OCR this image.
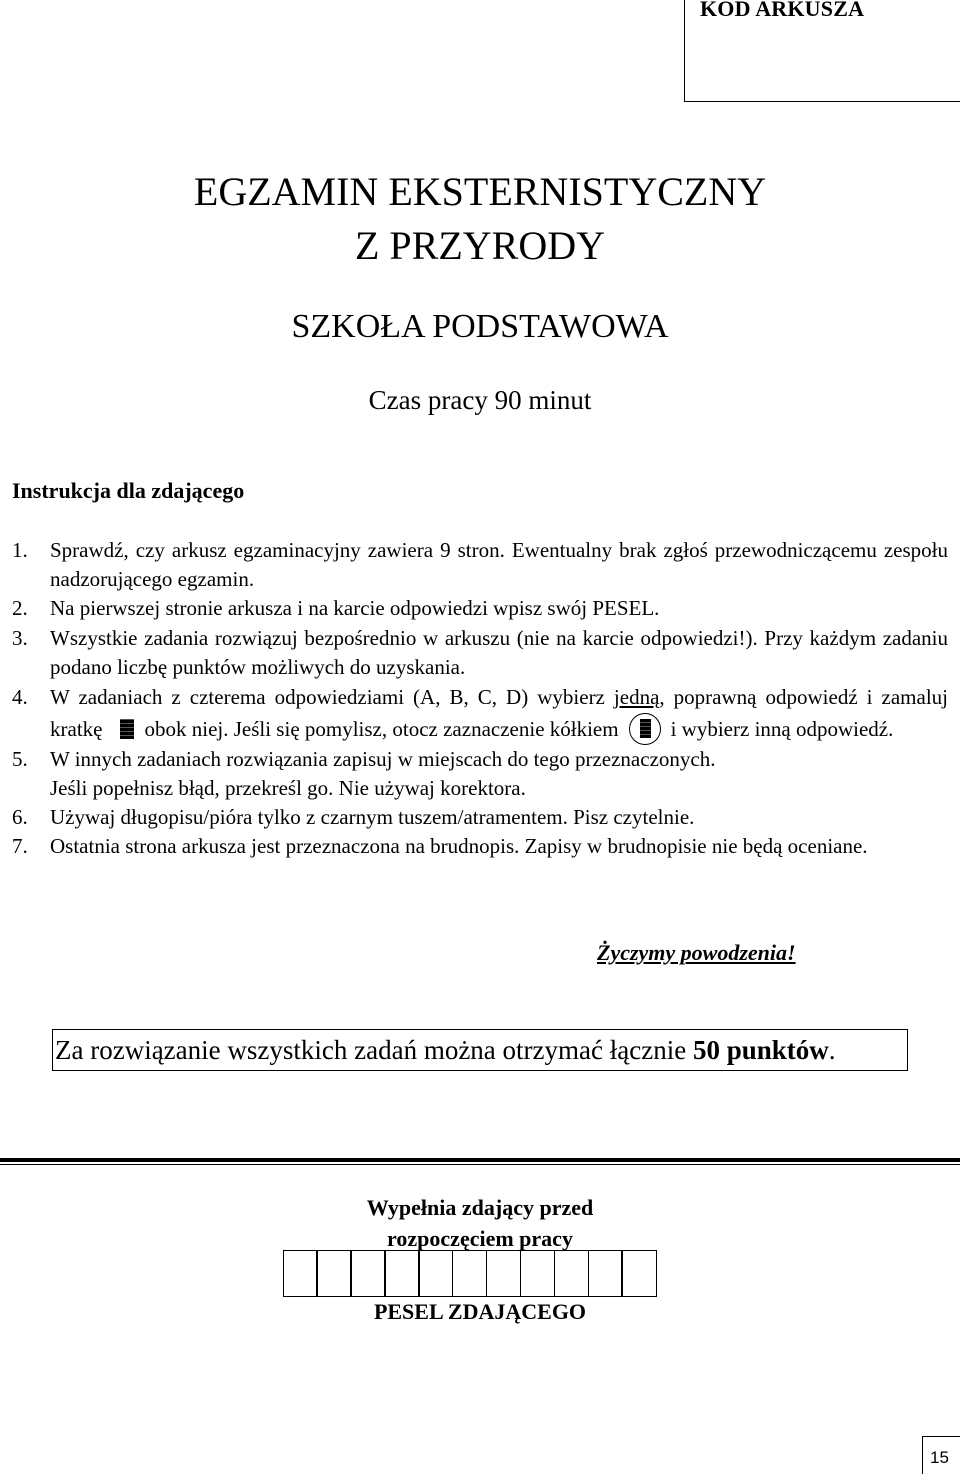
KOD ARKUSZA
EGZAMIN EKSTERNISTYCZNY
Z PRZYRODY
SZKOŁA PODSTAWOWA
Czas pracy 90 minut
Instrukcja dla zdającego
1. Sprawdź, czy arkusz egzaminacyjny zawiera 9 stron. Ewentualny brak zgłoś przewodniczącemu zespołu nadzorującego egzamin.
2. Na pierwszej stronie arkusza i na karcie odpowiedzi wpisz swój PESEL.
3. Wszystkie zadania rozwiązuj bezpośrednio w arkuszu (nie na karcie odpowiedzi!). Przy każdym zadaniu podano liczbę punktów możliwych do uzyskania.
4. W zadaniach z czterema odpowiedziami (A, B, C, D) wybierz jedną, poprawną odpowiedź i zamaluj kratkę obok niej. Jeśli się pomylisz, otocz zaznaczenie kółkiem i wybierz inną odpowiedź.
5. W innych zadaniach rozwiązania zapisuj w miejscach do tego przeznaczonych.
Jeśli popełnisz błąd, przekreśl go. Nie używaj korektora.
6. Używaj długopisu/pióra tylko z czarnym tuszem/atramentem. Pisz czytelnie.
7. Ostatnia strona arkusza jest przeznaczona na brudnopis. Zapisy w brudnopisie nie będą oceniane.
Życzymy powodzenia!
Za rozwiązanie wszystkich zadań można otrzymać łącznie 50 punktów.
Wypełnia zdający przed
rozpoczęciem pracy
PESEL ZDAJĄCEGO
15
